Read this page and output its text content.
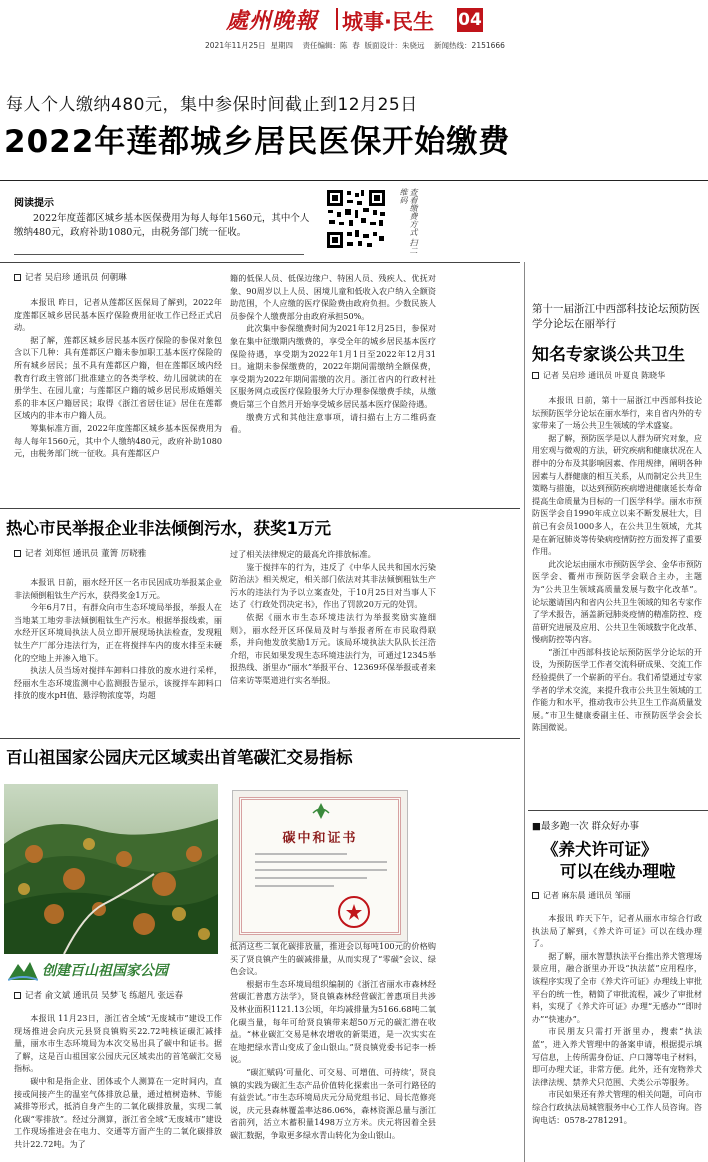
處州晚報 城事·民生 04
2021年11月25日  星期四    责任编辑：陈  春  版面设计：朱骁远    新闻热线：2151666
每人个人缴纳480元，集中参保时间截止到12月25日
2022年莲都城乡居民医保开始缴费
阅读提示
2022年度莲都区城乡基本医保费用为每人每年1560元，其中个人缴纳480元，政府补助1080元，由税务部门统一征收。	查看缴费方式 扫二维码
记者 吴启珍 通讯员 何朝琳

本报讯 昨日，记者从莲都区医保局了解到，2022年度莲都区城乡居民基本医疗保险费用征收工作已经正式启动。

据了解，莲都区城乡居民基本医疗保险的参保对象包含以下几种：具有莲都区户籍未参加职工基本医疗保险的所有城乡居民；虽不具有莲都区户籍，但在莲都区域内经教育行政主管部门批准建立的各类学校、幼儿园就读的在册学生、在园儿童；与莲都区户籍的城乡居民形成婚姻关系的非本区户籍居民；取得《浙江省居住证》居住在莲都区域内的非本市户籍人员。

筹集标准方面，2022年度莲都区城乡基本医保费用为每人每年1560元，其中个人缴纳480元，政府补助1080元，由税务部门统一征收。具有莲都区户

籍的低保人员、低保边缘户、特困人员、残疾人、优抚对象、90周岁以上人员、困境儿童和低收入农户纳入全额资助范围，个人应缴的医疗保险费由政府负担。少数民族人员参保个人缴费部分由政府承担50%。

此次集中参保缴费时间为2021年12月25日，参保对象在集中征缴期内缴费的，享受全年的城乡居民基本医疗保险待遇，享受期为2022年1月1日至2022年12月31日。逾期未参保缴费的，2022年期间需缴纳全额保费，享受期为2022年期间需缴的次月。浙江省内的行政村社区服务网点或医疗保险服务大厅办理参保缴费手续，从缴费后第三个自然月开始享受城乡居民基本医疗保险待遇。

缴费方式和其他注意事项，请扫描右上方二维码查看。

热心市民举报企业非法倾倒污水，获奖1万元
记者 刘郑恒 通讯员 董箐 厉晓雅

本报讯 日前，丽水经开区一名市民因成功举报某企业非法倾倒粗钛生产污水，获得奖金1万元。

今年6月7日，有群众向市生态环境局举报，举报人在当地某工地旁非法倾倒粗钛生产污水。根据举报线索，丽水经开区环境局执法人员立即开展现场执法检查，发现粗钛生产厂部分违法行为，正在将搅拌车内的废水排至未硬化的空地上并渗入地下。

执法人员当场对搅拌车卸料口排放的废水进行采样，经丽水生态环境监测中心监测报告显示，该搅拌车卸料口排放的废水pH值、悬浮物浓度等，均超

过了相关法律规定的最高允许排放标准。

鉴于搅拌车的行为，违反了《中华人民共和国水污染防治法》相关规定，相关部门依法对其非法倾倒粗钛生产污水的违法行为予以立案查处，于10月25日对当事人下达了《行政处罚决定书》，作出了罚款20万元的处罚。

依据《丽水市生态环境违法行为举报奖励实施细则》，丽水经开区环保局及时与举报者所在市民取得联系，并向他发放奖励1万元。该局环境执法大队队长汪浩介绍，市民如果发现生态环境违法行为，可通过12345举报热线、浙里办“丽水”举报平台、12369环保举报或者来信来访等渠道进行实名举报。

百山祖国家公园庆元区域卖出首笔碳汇交易指标
创建百山祖国家公园
碳中和证书
记者 俞文斌 通讯员 吴梦飞 练超凡 张远春

本报讯 11月23日，浙江省全域“无废城市”建设工作现场推进会向庆元县贤良镇购买22.72吨核证碳汇减排量，丽水市生态环境局为本次交易出具了碳中和证书。据了解，这是百山祖国家公园庆元区域卖出的首笔碳汇交易指标。

碳中和是指企业、团体或个人测算在一定时间内，直接或间接产生的温室气体排放总量，通过植树造林、节能减排等形式，抵消自身产生的二氧化碳排放量，实现二氧化碳“零排放”。经过分测算，浙江省全域“无废城市”建设工作现场推进会在电力、交通等方面产生的二氧化碳排放共计22.72吨。为了

抵消这些二氧化碳排放量，推进会以每吨100元的价格购买了贤良镇产生的碳减排量，从而实现了“零碳”会议、绿色会议。

根据市生态环境局组织编制的《浙江省丽水市森林经营碳汇普惠方法学》，贤良镇森林经营碳汇普惠项目共涉及林业面积1121.13公顷，年均减排量为5166.68吨二氧化碳当量，每年可给贤良镇带来超50万元的碳汇潜在收益。“林业碳汇交易是林农增收的新渠道，是一次实实在在地把绿水青山变成了金山银山。”贤良镇党委书记李一桥说。

“碳汇赋码‘可量化、可交易、可增值、可持续’，贤良镇的实践为碳汇生态产品价值转化探索出一条可行路径的有益尝试。”市生态环境局庆元分局党组书记、局长范修亮说，庆元县森林覆盖率达86.06%，森林资源总量与浙江省前列，活立木蓄积量1498万立方米。庆元将因着全县碳汇数据，争取更多绿水青山转化为金山银山。

第十一届浙江中西部科技论坛预防医学分论坛在丽举行
知名专家谈公共卫生
记者 吴启珍 通讯员 叶夏良 陈晓华

本报讯 日前，第十一届浙江中西部科技论坛预防医学分论坛在丽水举行，来自省内外的专家带来了一场公共卫生领域的学术盛宴。

据了解，预防医学是以人群为研究对象，应用宏观与微观的方法，研究疾病和健康状况在人群中的分布及其影响因素、作用规律，阐明各种因素与人群健康的相互关系，从而制定公共卫生策略与措施，以达到预防疾病增进健康延长寿命提高生命质量为目标的一门医学科学。丽水市预防医学会自1990年成立以来不断发展壮大，目前已有会员1000多人，在公共卫生领域，尤其是在新冠肺炎等传染病疫情防控方面发挥了重要作用。

此次论坛由丽水市预防医学会、金华市预防医学会、衢州市预防医学会联合主办，主题为“公共卫生领域高质量发展与数字化改革”。论坛邀请国内和省内公共卫生领域的知名专家作了学术报告，涵盖新冠肺炎疫情的精准防控、疫苗研究进展及应用、公共卫生领域数字化改革、慢病防控等内容。

“浙江中西部科技论坛预防医学分论坛的开设，为预防医学工作者交流科研成果、交流工作经验提供了一个崭新的平台。我们希望通过专家学者的学术交流，来提升我市公共卫生领域的工作能力和水平，推动我市公共卫生工作高质量发展。”市卫生健康委副主任、市预防医学会会长陈国微说。

■最多跑一次 群众好办事
《养犬许可证》
可以在线办理啦
记者 麻东晨 通讯员 邹丽

本报讯 昨天下午，记者从丽水市综合行政执法局了解到，《养犬许可证》可以在线办理了。

据了解，丽水智慧执法平台推出养犬管理场景应用，融合浙里办开设“执法蓝”应用程序，该程序实现了全市《养犬许可证》办理线上审批平台的统一性，精简了审批流程，减少了审批材料，实现了《养犬许可证》办理“无感办”“即时办”“快速办”。

市民朋友只需打开浙里办，搜索“执法蓝”，进入养犬管理中的备案申请，根据提示填写信息，上传所需身份证、户口簿等电子材料，即可办理犬证，非常方便。此外，还有宠物养犬法律法规、禁养犬只范围、犬类公示等服务。

市民如果还有养犬管理的相关问题，可向市综合行政执法局城管服务中心工作人员咨询。咨询电话：0578-2781291。
